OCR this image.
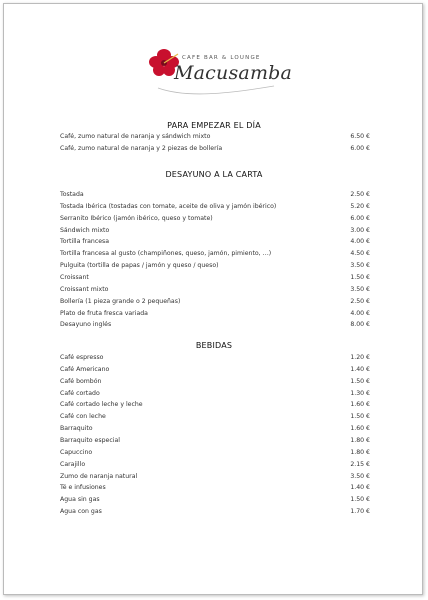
CAFE BAR & LOUNGE
Macusamba
PARA EMPEZAR EL DÍA
Café, zumo natural de naranja y sándwich mixto	6.50 €
Café, zumo natural de naranja y 2 piezas de bollería	6.00 €
DESAYUNO A LA CARTA
Tostada	2.50 €
Tostada Ibérica (tostadas con tomate, aceite de oliva y jamón ibérico)	5.20 €
Serranito Ibérico (jamón ibérico, queso y tomate)	6.00 €
Sándwich mixto	3.00 €
Tortilla francesa	4.00 €
Tortilla francesa al gusto (champiñones, queso, jamón, pimiento, …)	4.50 €
Pulguita (tortilla de papas / jamón y queso / queso)	3.50 €
Croissant	1.50 €
Croissant mixto	3.50 €
Bollería (1 pieza grande o 2 pequeñas)	2.50 €
Plato de fruta fresca variada	4.00 €
Desayuno inglés	8.00 €
BEBIDAS
Café espresso	1.20 €
Café Americano	1.40 €
Café bombón	1.50 €
Café cortado	1.30 €
Café cortado leche y leche	1.60 €
Café con leche	1.50 €
Barraquito	1.60 €
Barraquito especial	1.80 €
Capuccino	1.80 €
Carajillo	2.15 €
Zumo de naranja natural	3.50 €
Té e infusiones	1.40 €
Agua sin gas	1.50 €
Agua con gas	1.70 €
